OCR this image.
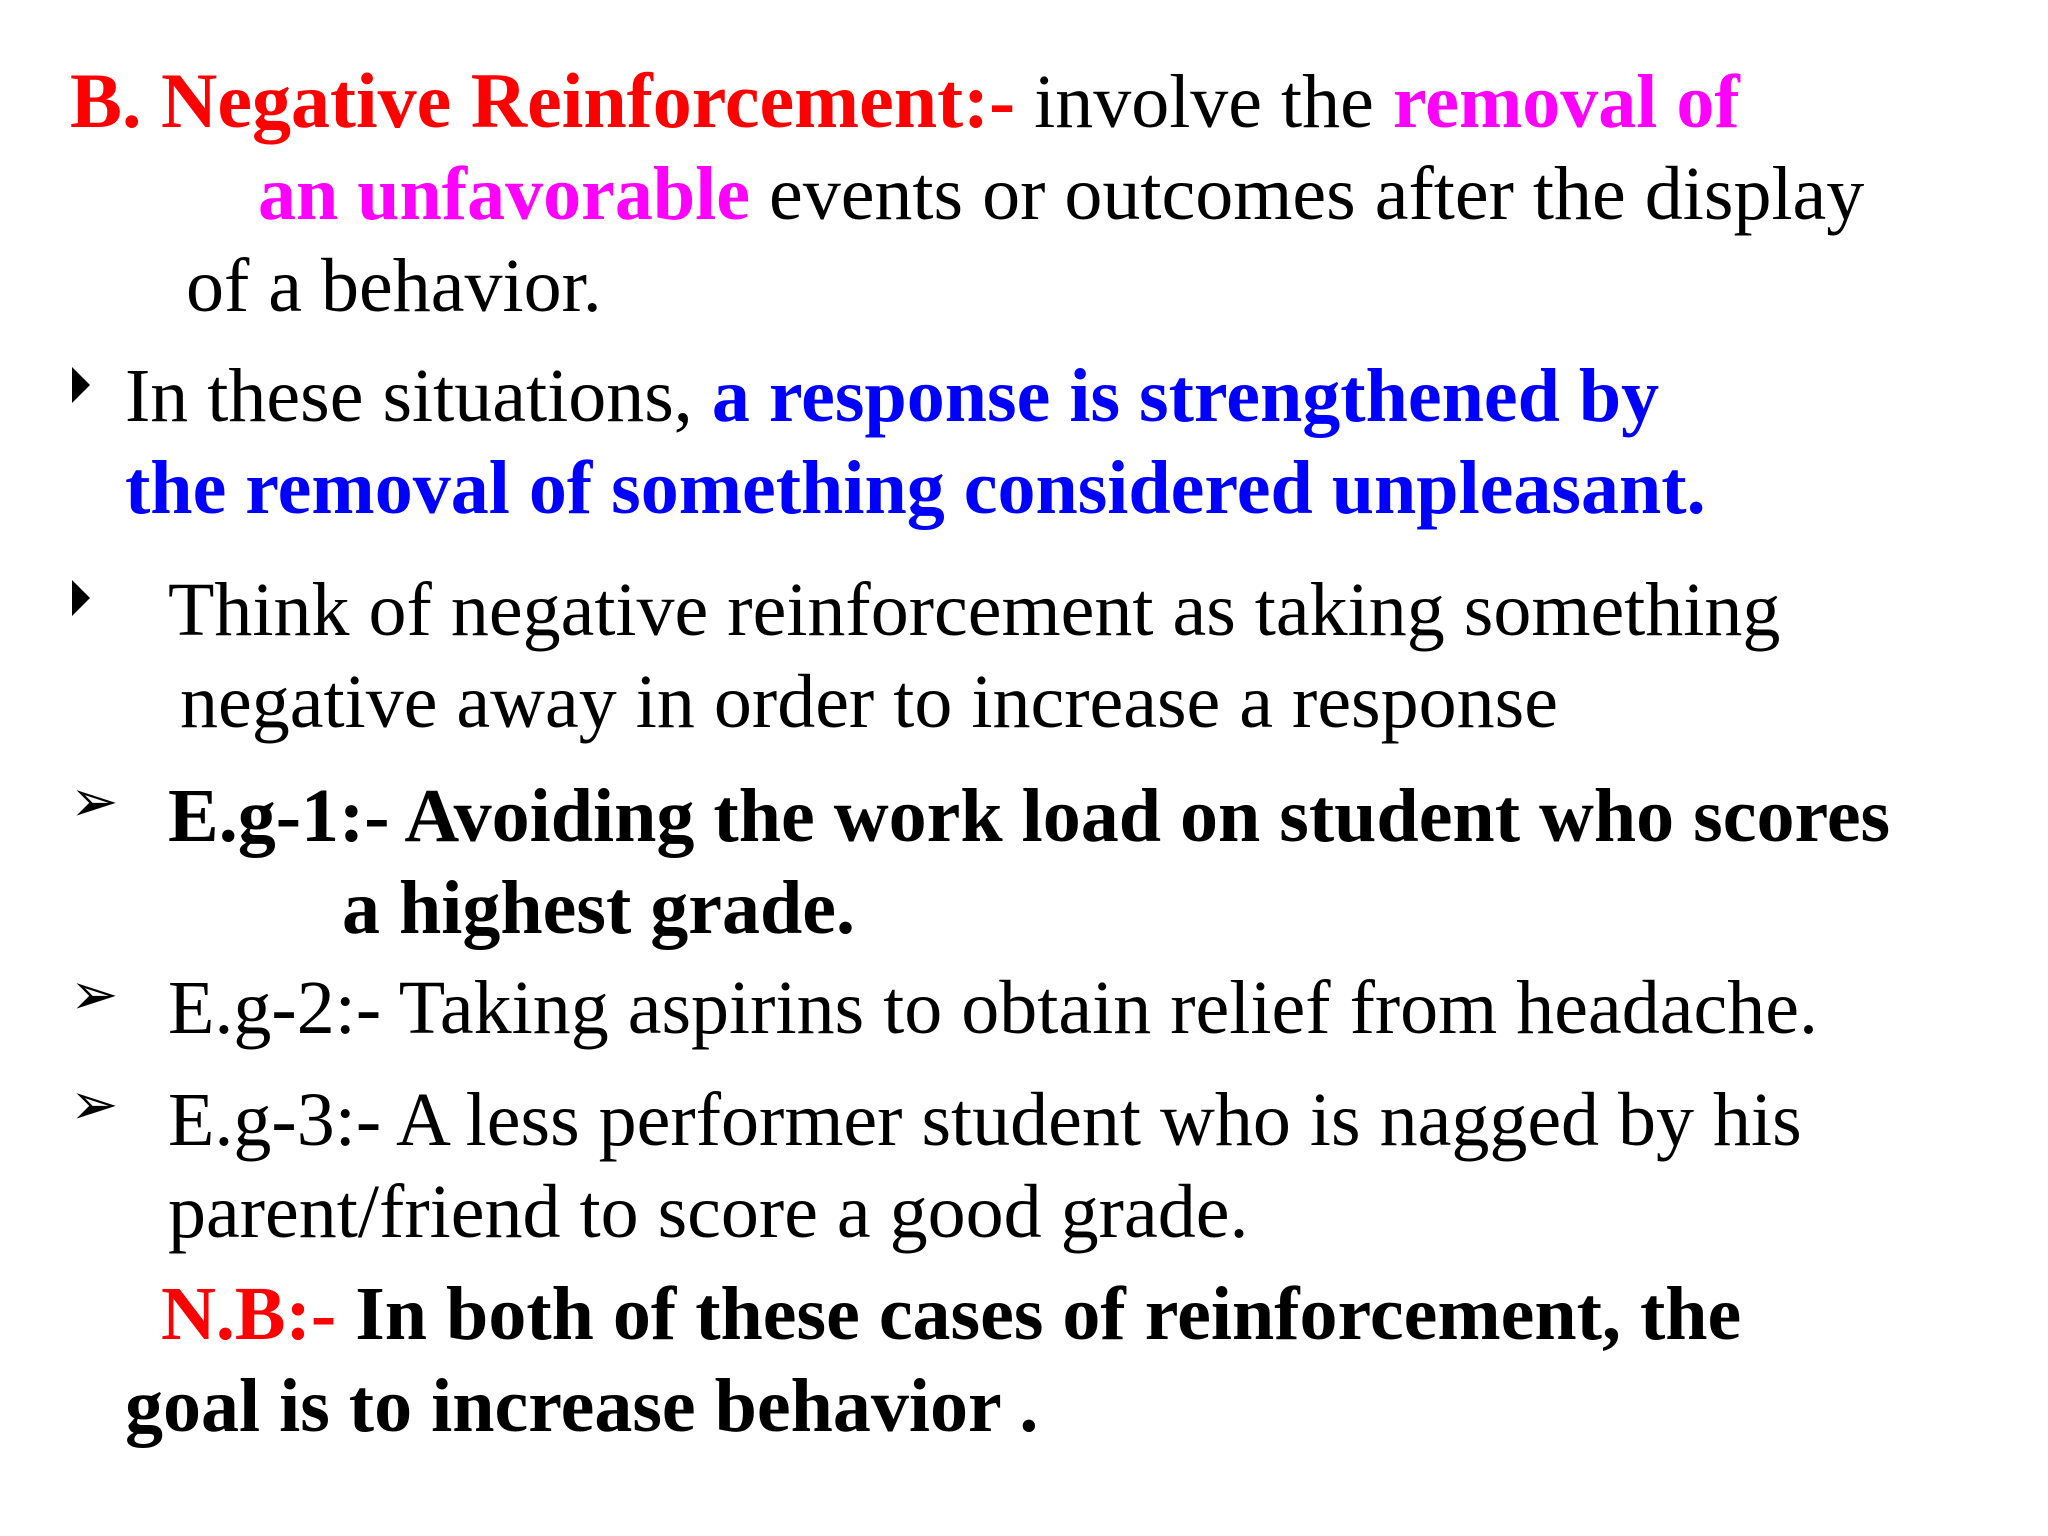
B. Negative Reinforcement:- involve the removal of
an unfavorable events or outcomes after the display
of a behavior.
In these situations, a response is strengthened by
the removal of something considered unpleasant.
Think of negative reinforcement as taking something
negative away in order to increase a response
➢ E.g-1:- Avoiding the work load on student who scores
a highest grade.
➢ E.g-2:- Taking aspirins to obtain relief from headache.
➢ E.g-3:- A less performer student who is nagged by his
parent/friend to score a good grade.
N.B:- In both of these cases of reinforcement, the
goal is to increase behavior .
